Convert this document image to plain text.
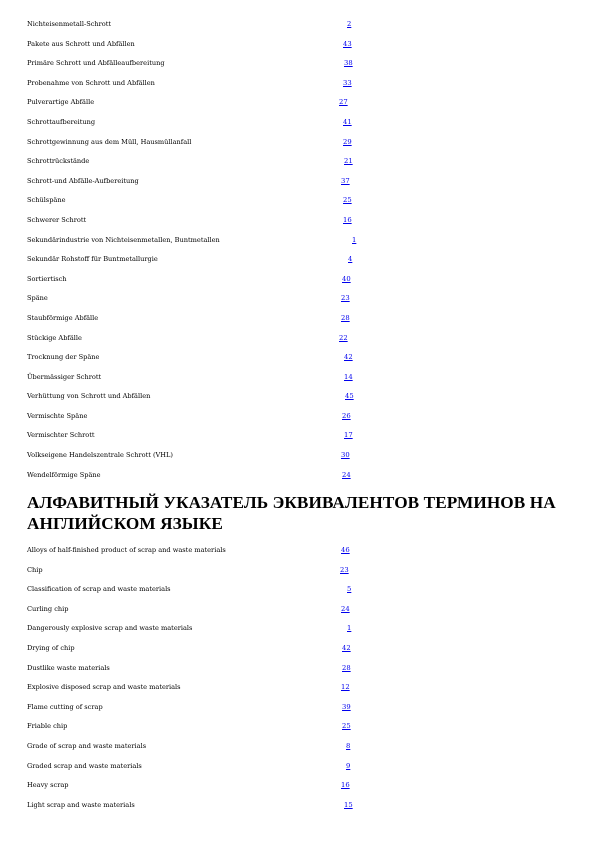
Nichteisenmetall-Schrott	2
Pakete aus Schrott und Abfällen	43
Primäre Schrott und Abfälleaufbereitung	38
Probenahme von Schrott und Abfällen	33
Pulverartige Abfälle	27
Schrottaufbereitung	41
Schrottgewinnung aus dem Müll, Hausmüllanfall	29
Schrottrückstände	21
Schrott-und Abfälle-Aufbereitung	37
Schülspäne	25
Schwerer Schrott	16
Sekundärindustrie von Nichteisenmetallen, Buntmetallen	1
Sekundär Rohstoff für Buntmetallurgie	4
Sortiertisch	40
Späne	23
Staubförmige Abfälle	28
Stückige Abfälle	22
Trocknung der Späne	42
Übermässiger Schrott	14
Verhüttung von Schrott und Abfällen	45
Vermischte Späne	26
Vermischter Schrott	17
Volkseigene Handelszentrale Schrott (VHL)	30
Wendelförmige Späne	24
АЛФАВИТНЫЙ УКАЗАТЕЛЬ ЭКВИВАЛЕНТОВ ТЕРМИНОВ НА АНГЛИЙСКОМ ЯЗЫКЕ
Alloys of half-finished product of scrap and waste materials	46
Chip	23
Classification of scrap and waste materials	5
Curling chip	24
Dangerously explosive scrap and waste materials	1
Drying of chip	42
Dustlike waste materials	28
Explosive disposed scrap and waste materials	12
Flame cutting of scrap	39
Friable chip	25
Grade of scrap and waste materials	8
Graded scrap and waste materials	9
Heavy scrap	16
Light scrap and waste materials	15
